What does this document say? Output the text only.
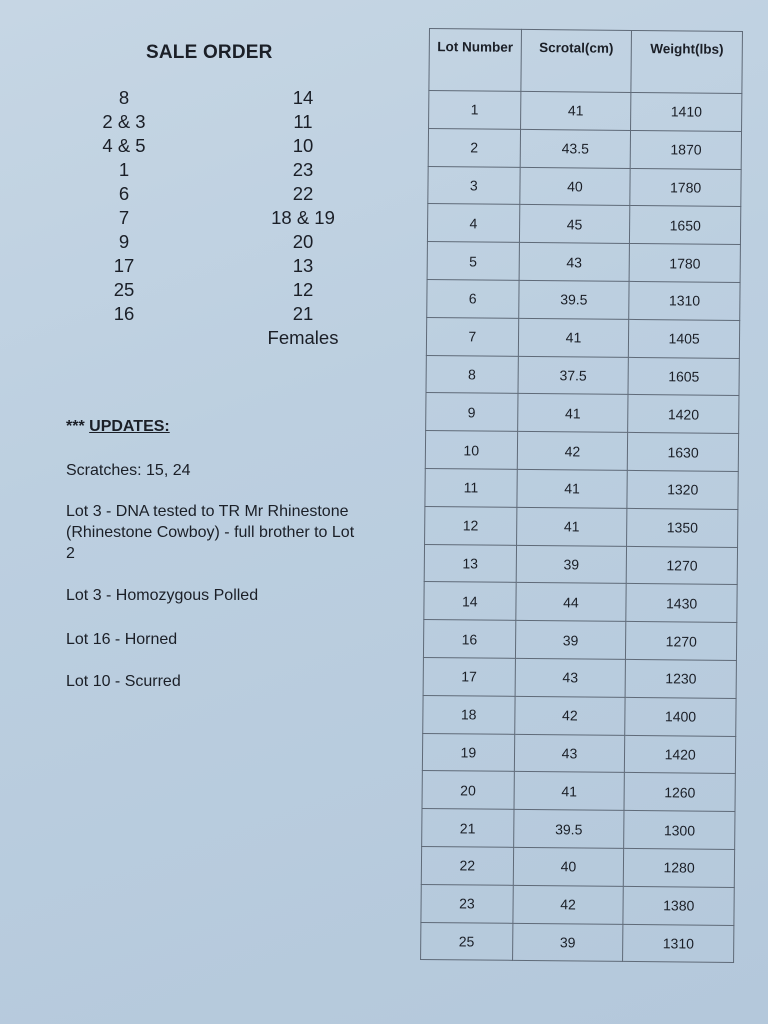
SALE ORDER
8
2 & 3
4 & 5
1
6
7
9
17
25
16
14
11
10
23
22
18 & 19
20
13
12
21
Females
*** UPDATES:
Scratches: 15, 24
Lot 3 - DNA tested to TR Mr Rhinestone (Rhinestone Cowboy) - full brother to Lot 2
Lot 3 - Homozygous Polled
Lot 16 - Horned
Lot 10 - Scurred
Lot Number	Scrotal(cm)	Weight(lbs)
1	41	1410
2	43.5	1870
3	40	1780
4	45	1650
5	43	1780
6	39.5	1310
7	41	1405
8	37.5	1605
9	41	1420
10	42	1630
11	41	1320
12	41	1350
13	39	1270
14	44	1430
16	39	1270
17	43	1230
18	42	1400
19	43	1420
20	41	1260
21	39.5	1300
22	40	1280
23	42	1380
25	39	1310
